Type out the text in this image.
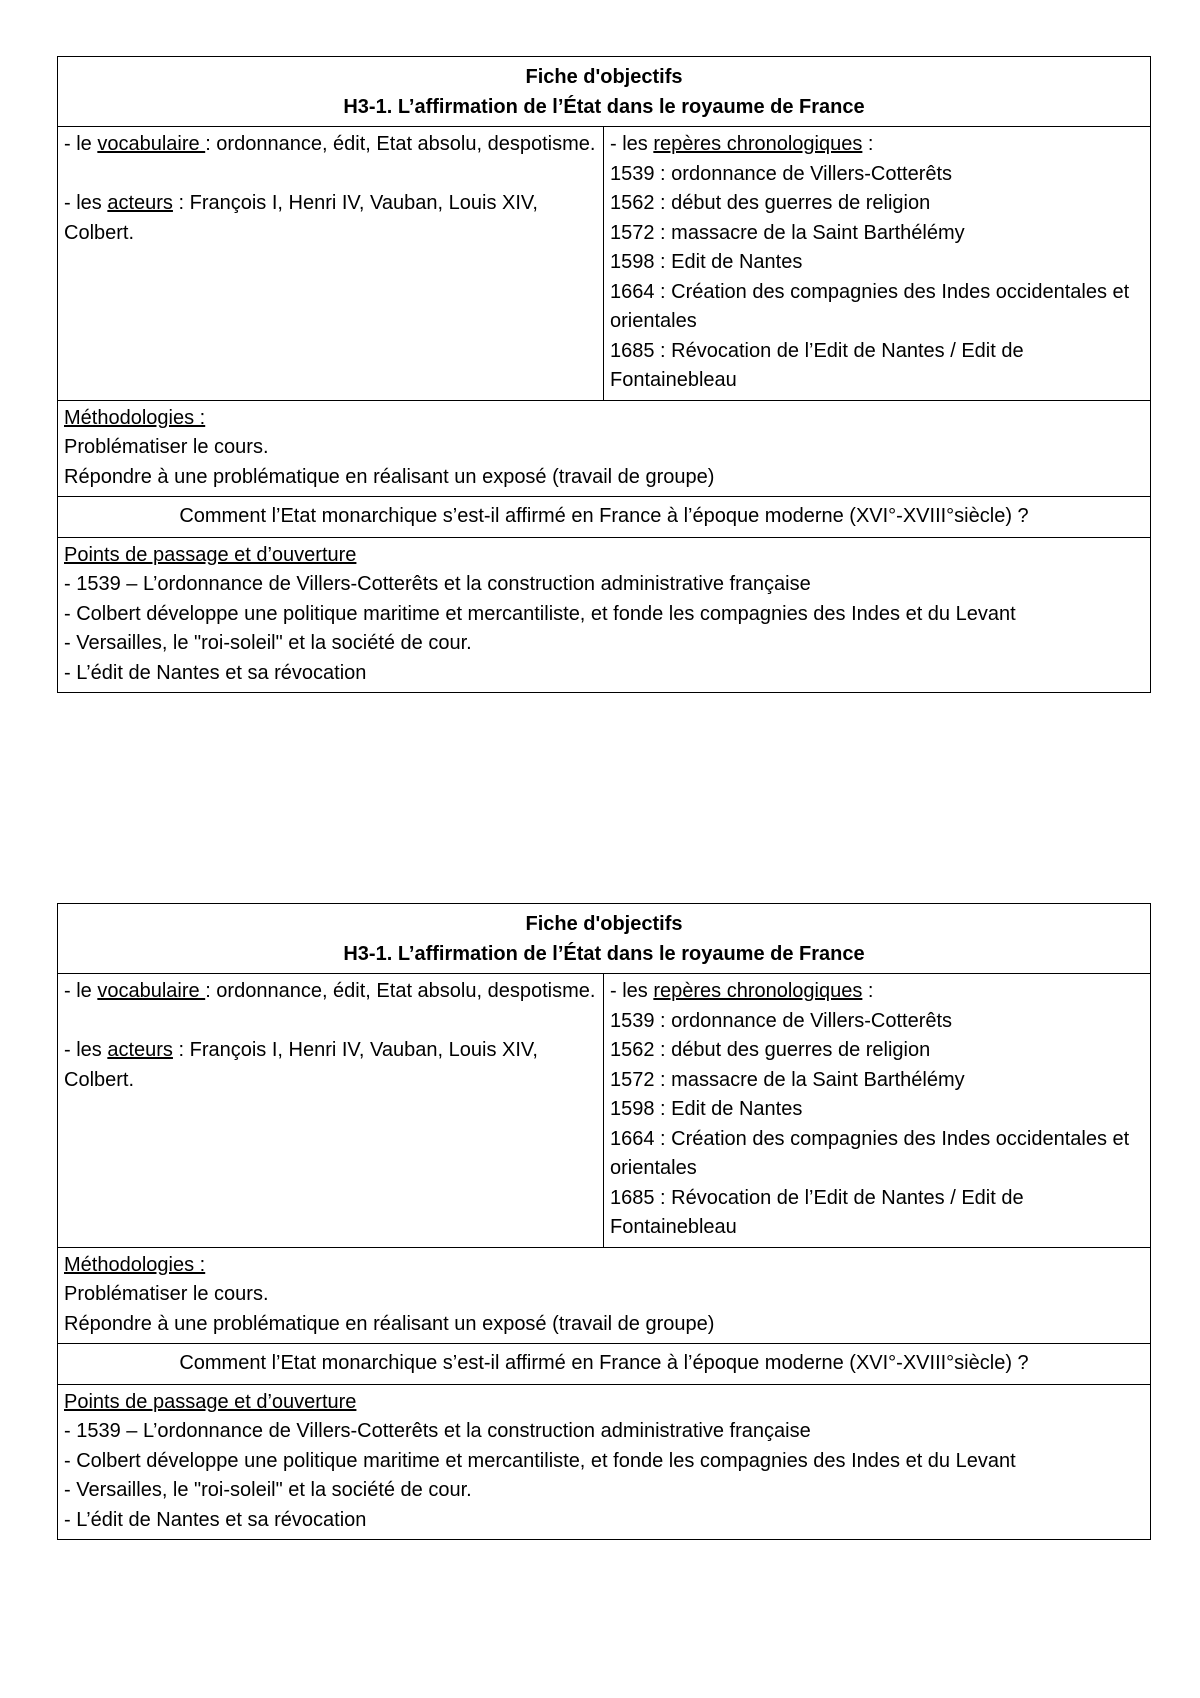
Fiche d'objectifs
H3-1. L’affirmation de l’État dans le royaume de France

- le vocabulaire : ordonnance, édit, Etat absolu, despotisme.
- les acteurs : François I, Henri IV, Vauban, Louis XIV, Colbert.

- les repères chronologiques :
1539 : ordonnance de Villers-Cotterêts
1562 : début des guerres de religion
1572 : massacre de la Saint Barthélémy
1598 : Edit de Nantes
1664 : Création des compagnies des Indes occidentales et orientales
1685 : Révocation de l’Edit de Nantes / Edit de Fontainebleau

Méthodologies :
Problématiser le cours.
Répondre à une problématique en réalisant un exposé (travail de groupe)

Comment l’Etat monarchique s’est-il affirmé en France à l’époque moderne (XVI°-XVIII°siècle) ?

Points de passage et d’ouverture
- 1539 – L’ordonnance de Villers-Cotterêts et la construction administrative française
- Colbert développe une politique maritime et mercantiliste, et fonde les compagnies des Indes et du Levant
- Versailles, le "roi-soleil" et la société de cour.
- L’édit de Nantes et sa révocation
Fiche d'objectifs
H3-1. L’affirmation de l’État dans le royaume de France

- le vocabulaire : ordonnance, édit, Etat absolu, despotisme.
- les acteurs : François I, Henri IV, Vauban, Louis XIV, Colbert.

- les repères chronologiques :
1539 : ordonnance de Villers-Cotterêts
1562 : début des guerres de religion
1572 : massacre de la Saint Barthélémy
1598 : Edit de Nantes
1664 : Création des compagnies des Indes occidentales et orientales
1685 : Révocation de l’Edit de Nantes / Edit de Fontainebleau

Méthodologies :
Problématiser le cours.
Répondre à une problématique en réalisant un exposé (travail de groupe)

Comment l’Etat monarchique s’est-il affirmé en France à l’époque moderne (XVI°-XVIII°siècle) ?

Points de passage et d’ouverture
- 1539 – L’ordonnance de Villers-Cotterêts et la construction administrative française
- Colbert développe une politique maritime et mercantiliste, et fonde les compagnies des Indes et du Levant
- Versailles, le "roi-soleil" et la société de cour.
- L’édit de Nantes et sa révocation
